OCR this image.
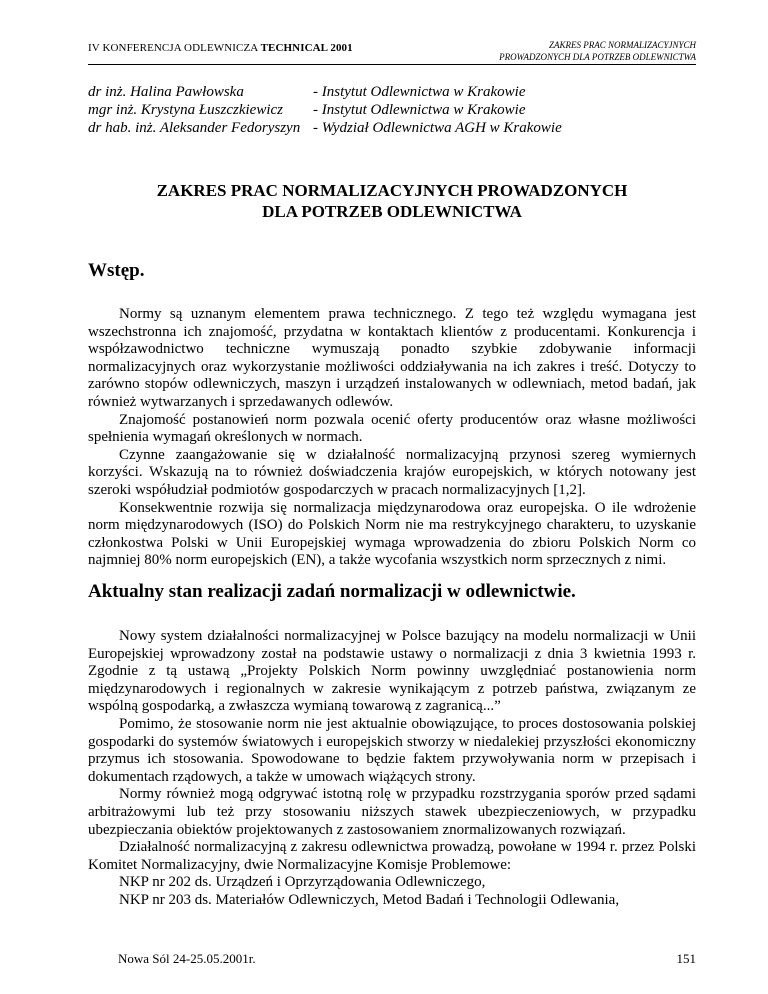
IV KONFERENCJA ODLEWNICZA TECHNICAL 2001	ZAKRES PRAC NORMALIZACYJNYCH
PROWADZONYCH DLA POTRZEB ODLEWNICTWA
dr inż. Halina Pawłowska	- Instytut Odlewnictwa w Krakowie
mgr inż. Krystyna Łuszczkiewicz - Instytut Odlewnictwa w Krakowie
dr hab. inż. Aleksander Fedoryszyn - Wydział Odlewnictwa AGH w Krakowie
ZAKRES PRAC NORMALIZACYJNYCH PROWADZONYCH
DLA POTRZEB ODLEWNICTWA
Wstęp.

Normy są uznanym elementem prawa technicznego. Z tego też względu wymagana jest wszechstronna ich znajomość, przydatna w kontaktach klientów z producentami. Konkurencja i współzawodnictwo techniczne wymuszają ponadto szybkie zdobywanie informacji normalizacyjnych oraz wykorzystanie możliwości oddziaływania na ich zakres i treść. Dotyczy to zarówno stopów odlewniczych, maszyn i urządzeń instalowanych w odlewniach, metod badań, jak również wytwarzanych i sprzedawanych odlewów.

Znajomość postanowień norm pozwala ocenić oferty producentów oraz własne możliwości spełnienia wymagań określonych w normach.

Czynne zaangażowanie się w działalność normalizacyjną przynosi szereg wymiernych korzyści. Wskazują na to również doświadczenia krajów europejskich, w których notowany jest szeroki współudział podmiotów gospodarczych w pracach normalizacyjnych [1,2].

Konsekwentnie rozwija się normalizacja międzynarodowa oraz europejska. O ile wdrożenie norm międzynarodowych (ISO) do Polskich Norm nie ma restrykcyjnego charakteru, to uzyskanie członkostwa Polski w Unii Europejskiej wymaga wprowadzenia do zbioru Polskich Norm co najmniej 80% norm europejskich (EN), a także wycofania wszystkich norm sprzecznych z nimi.

Aktualny stan realizacji zadań normalizacji w odlewnictwie.

Nowy system działalności normalizacyjnej w Polsce bazujący na modelu normalizacji w Unii Europejskiej wprowadzony został na podstawie ustawy o normalizacji z dnia 3 kwietnia 1993 r. Zgodnie z tą ustawą „Projekty Polskich Norm powinny uwzględniać postanowienia norm międzynarodowych i regionalnych w zakresie wynikającym z potrzeb państwa, związanym ze wspólną gospodarką, a zwłaszcza wymianą towarową z zagranicą...”

Pomimo, że stosowanie norm nie jest aktualnie obowiązujące, to proces dostosowania polskiej gospodarki do systemów światowych i europejskich stworzy w niedalekiej przyszłości ekonomiczny przymus ich stosowania. Spowodowane to będzie faktem przywoływania norm w przepisach i dokumentach rządowych, a także w umowach wiążących strony.

Normy również mogą odgrywać istotną rolę w przypadku rozstrzygania sporów przed sądami arbitrażowymi lub też przy stosowaniu niższych stawek ubezpieczeniowych, w przypadku ubezpieczania obiektów projektowanych z zastosowaniem znormalizowanych rozwiązań.

Działalność normalizacyjną z zakresu odlewnictwa prowadzą, powołane w 1994 r. przez Polski Komitet Normalizacyjny, dwie Normalizacyjne Komisje Problemowe:

NKP nr 202 ds. Urządzeń i Oprzyrządowania Odlewniczego,

NKP nr 203 ds. Materiałów Odlewniczych, Metod Badań i Technologii Odlewania,

Nowa Sól 24-25.05.2001r.	151
